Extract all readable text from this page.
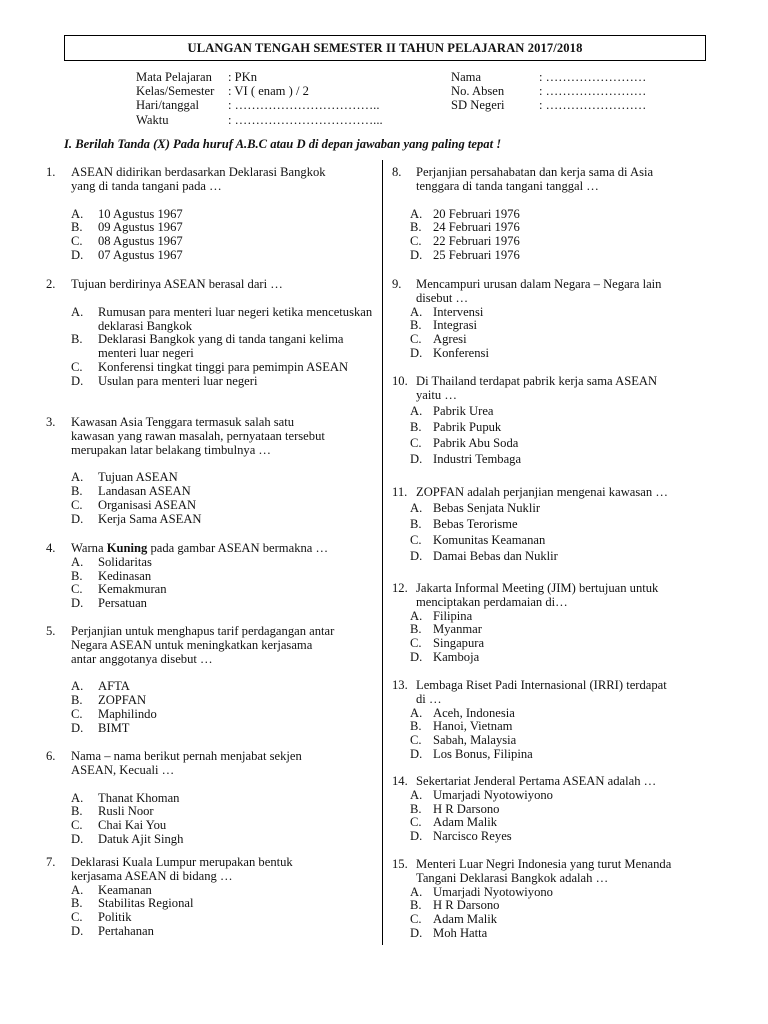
ULANGAN TENGAH SEMESTER II TAHUN PELAJARAN 2017/2018
Mata Pelajaran	: PKn
Kelas/Semester	: VI ( enam ) / 2
Hari/tanggal	: ……………………………..
Waktu	: ……………………………...
Nama	: ……………………
No. Absen	: ……………………
SD Negeri	: ……………………
I. Berilah Tanda (X) Pada huruf A.B.C atau D di depan jawaban yang paling tepat !
1.	ASEAN didirikan berdasarkan Deklarasi Bangkok
yang di tanda tangani pada …
A.	10 Agustus 1967
B.	09 Agustus 1967
C.	08 Agustus 1967
D.	07 Agustus 1967
2.	Tujuan berdirinya ASEAN berasal dari …
A.	Rumusan para menteri luar negeri ketika mencetuskan deklarasi Bangkok
B.	Deklarasi Bangkok yang di tanda tangani kelima menteri luar negeri
C.	Konferensi tingkat tinggi para pemimpin ASEAN
D.	Usulan para menteri luar negeri
3.	Kawasan Asia Tenggara termasuk salah satu
kawasan yang rawan masalah, pernyataan tersebut
merupakan latar belakang timbulnya …
A.	Tujuan ASEAN
B.	Landasan ASEAN
C.	Organisasi ASEAN
D.	Kerja Sama ASEAN
4.	Warna Kuning pada gambar ASEAN bermakna …
A.	Solidaritas
B.	Kedinasan
C.	Kemakmuran
D.	Persatuan
5.	Perjanjian untuk menghapus tarif perdagangan antar
Negara ASEAN untuk meningkatkan kerjasama
antar anggotanya disebut …
A.	AFTA
B.	ZOPFAN
C.	Maphilindo
D.	BIMT
6.	Nama – nama berikut pernah menjabat sekjen
ASEAN, Kecuali …
A.	Thanat Khoman
B.	Rusli Noor
C.	Chai Kai You
D.	Datuk Ajit Singh
7.	Deklarasi Kuala Lumpur merupakan bentuk
kerjasama ASEAN di bidang …
A.	Keamanan
B.	Stabilitas Regional
C.	Politik
D.	Pertahanan
8.	Perjanjian persahabatan dan kerja sama di Asia
tenggara di tanda tangani tanggal …
A. 20 Februari 1976
B. 24 Februari 1976
C. 22 Februari 1976
D. 25 Februari 1976
9.	Mencampuri urusan dalam Negara – Negara lain
disebut …
A. Intervensi
B. Integrasi
C. Agresi
D. Konferensi
10. Di Thailand terdapat pabrik kerja sama ASEAN
yaitu …
A. Pabrik Urea
B. Pabrik Pupuk
C. Pabrik Abu Soda
D. Industri Tembaga
11. ZOPFAN adalah perjanjian mengenai kawasan …
A. Bebas Senjata Nuklir
B. Bebas Terorisme
C. Komunitas Keamanan
D. Damai Bebas dan Nuklir
12. Jakarta Informal Meeting (JIM) bertujuan untuk
menciptakan perdamaian di…
A. Filipina
B. Myanmar
C. Singapura
D. Kamboja
13. Lembaga Riset Padi Internasional (IRRI) terdapat
di …
A. Aceh, Indonesia
B. Hanoi, Vietnam
C. Sabah, Malaysia
D. Los Bonus, Filipina
14. Sekertariat Jenderal Pertama ASEAN adalah …
A. Umarjadi Nyotowiyono
B. H R Darsono
C. Adam Malik
D. Narcisco Reyes
15. Menteri Luar Negri Indonesia yang turut Menanda
Tangani Deklarasi Bangkok adalah …
A. Umarjadi Nyotowiyono
B. H R Darsono
C. Adam Malik
D. Moh Hatta
